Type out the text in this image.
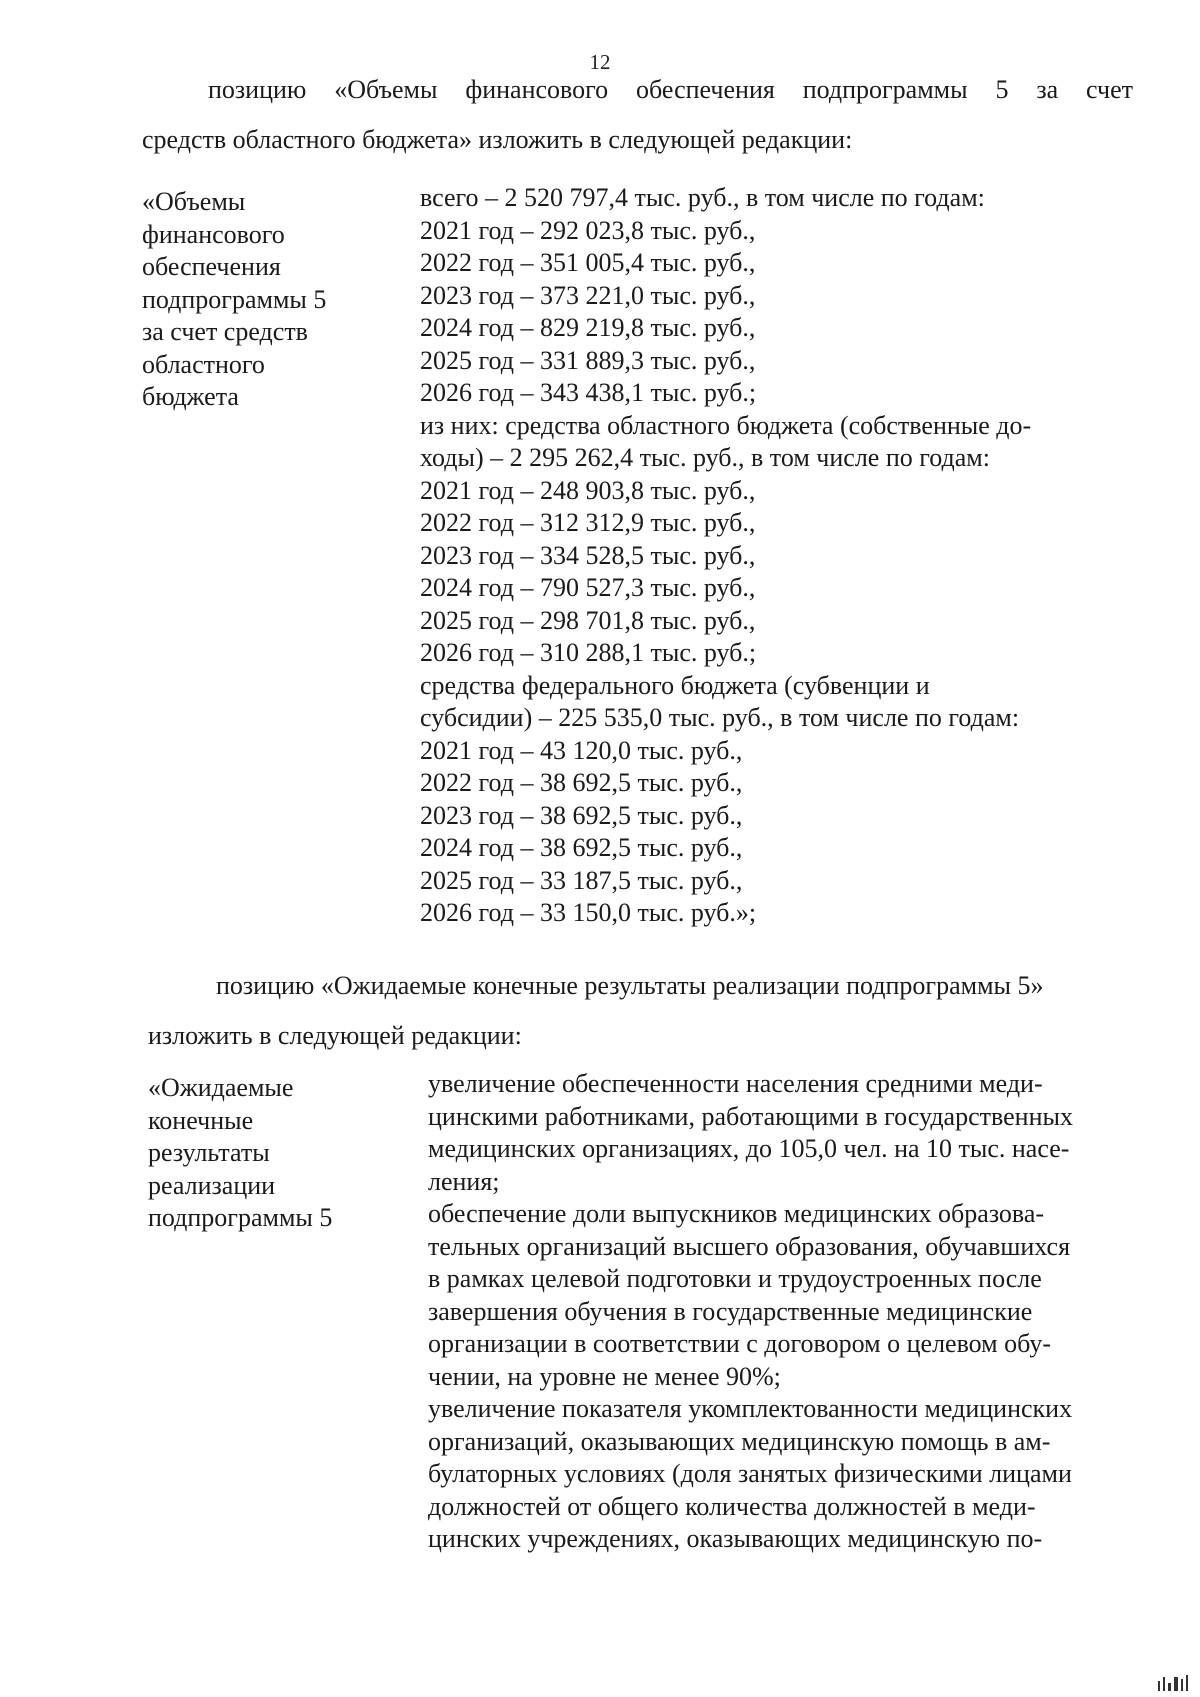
12
позицию «Объемы финансового обеспечения подпрограммы 5 за счет
средств областного бюджета» изложить в следующей редакции:
«Объемы
финансового
обеспечения
подпрограммы 5
за счет средств
областного
бюджета
всего – 2 520 797,4 тыс. руб., в том числе по годам:
2021 год – 292 023,8 тыс. руб.,
2022 год – 351 005,4 тыс. руб.,
2023 год – 373 221,0 тыс. руб.,
2024 год – 829 219,8 тыс. руб.,
2025 год – 331 889,3 тыс. руб.,
2026 год – 343 438,1 тыс. руб.;
из них: средства областного бюджета (собственные до-
ходы) – 2 295 262,4 тыс. руб., в том числе по годам:
2021 год – 248 903,8 тыс. руб.,
2022 год – 312 312,9 тыс. руб.,
2023 год – 334 528,5 тыс. руб.,
2024 год – 790 527,3 тыс. руб.,
2025 год – 298 701,8 тыс. руб.,
2026 год – 310 288,1 тыс. руб.;
средства федерального бюджета (субвенции и
субсидии) – 225 535,0 тыс. руб., в том числе по годам:
2021 год – 43 120,0 тыс. руб.,
2022 год – 38 692,5 тыс. руб.,
2023 год – 38 692,5 тыс. руб.,
2024 год – 38 692,5 тыс. руб.,
2025 год – 33 187,5 тыс. руб.,
2026 год – 33 150,0 тыс. руб.»;
позицию «Ожидаемые конечные результаты реализации подпрограммы 5»
изложить в следующей редакции:
«Ожидаемые
конечные
результаты
реализации
подпрограммы 5
увеличение обеспеченности населения средними меди-
цинскими работниками, работающими в государственных
медицинских организациях, до 105,0 чел. на 10 тыс. насе-
ления;
обеспечение доли выпускников медицинских образова-
тельных организаций высшего образования, обучавшихся
в рамках целевой подготовки и трудоустроенных после
завершения обучения в государственные медицинские
организации в соответствии с договором о целевом обу-
чении, на уровне не менее 90%;
увеличение показателя укомплектованности медицинских
организаций, оказывающих медицинскую помощь в ам-
булаторных условиях (доля занятых физическими лицами
должностей от общего количества должностей в меди-
цинских учреждениях, оказывающих медицинскую по-
